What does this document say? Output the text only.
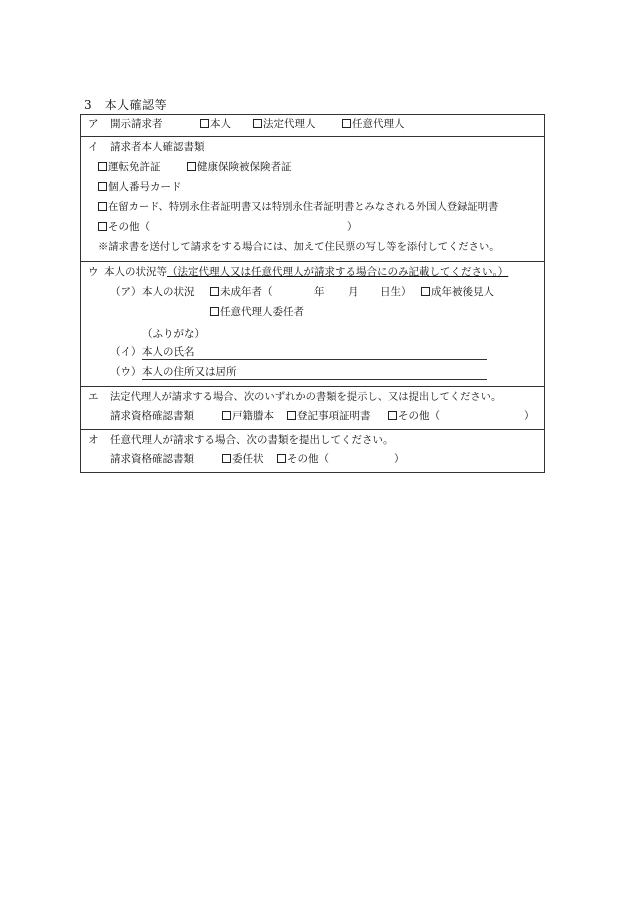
3　本人確認等
ア 開示請求者	本人	法定代理人	任意代理人
イ 請求者本人確認書類
運転免許証	健康保険被保険者証
個人番号カード
在留カード、特別永住者証明書又は特別永住者証明書とみなされる外国人登録証明書
その他（	）
※請求書を送付して請求をする場合には、加えて住民票の写し等を添付してください。
ウ 本人の状況等（法定代理人又は任意代理人が請求する場合にのみ記載してください。）
（ア） 本人の状況	未成年者（	年 月 日生）	成年被後見人
任意代理人委任者
（ふりがな）
（イ） 本人の氏名
（ウ） 本人の住所又は居所
エ 法定代理人が請求する場合、次のいずれかの書類を提示し、又は提出してください。
請求資格確認書類	戸籍謄本	登記事項証明書	その他（	）
オ 任意代理人が請求する場合、次の書類を提出してください。
請求資格確認書類	委任状	その他（	）
